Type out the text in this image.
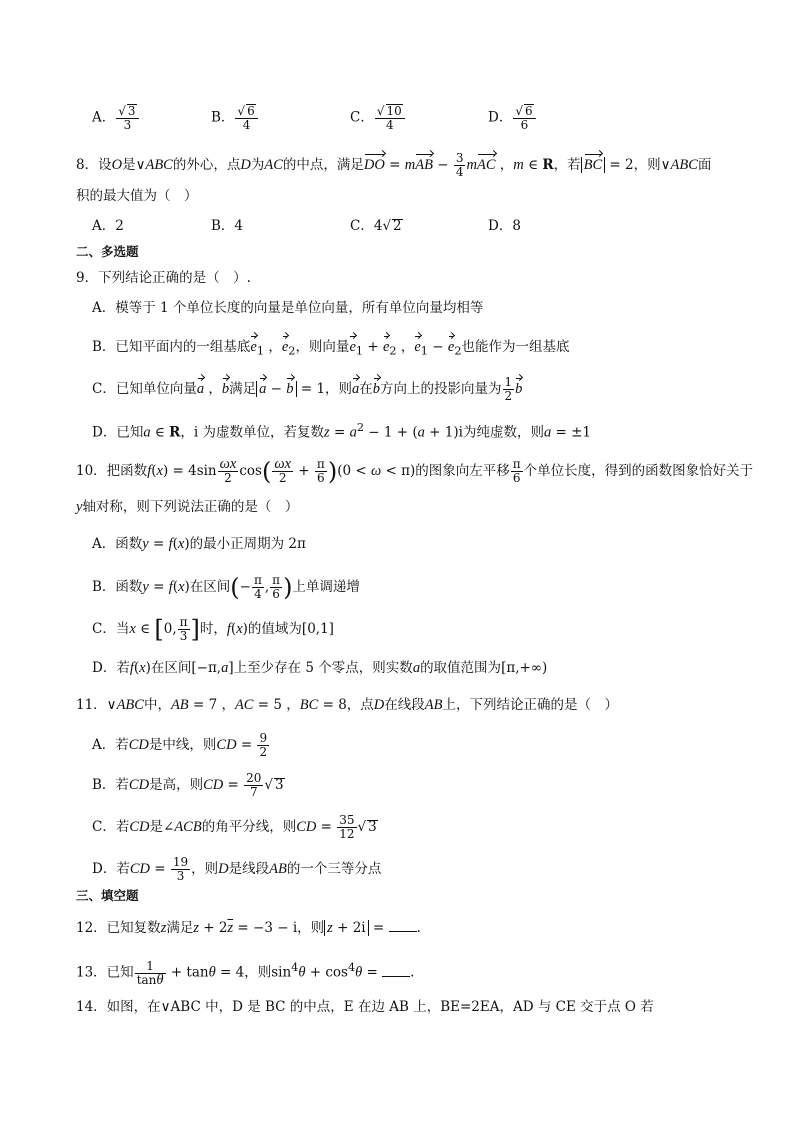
A． √ $\frac{3}{3}$	B． √ $\frac{6}{4}$	C． √ $\frac{10}{4}$	D． √ $\frac{6}{6}$
8．设O是∨ABC的外心，点D为AC的中点，满足DO = mAB − $\frac{3}{4}$ mAC ，m ∈ R，若 BC = 2，则∨ABC面
积的最大值为（　）
A．2	B．4	C．4 √ 2	D．8
二、多选题
9．下列结论正确的是（　）.
A．模等于 1 个单位长度的向量是单位向量，所有单位向量均相等
B．已知平面内的一组基底$e_1$ ，$e_2$，则向量$e_1 + e_2$ ，$e_1 - e_2$也能作为一组基底
C．已知单位向量a ，b满足 a − b = 1，则a在b方向上的投影向量为 $\frac{1}{2}$ b
D．已知a ∈ R，i 为虚数单位，若复数$z = a^2 - 1 + (a + 1)i$为纯虚数，则a = ±1
10．把函数$f(x) = 4\sin \frac{\omega x}{2} \cos( \frac{\omega x}{2} + \frac{\pi}{6} )(0 < \omega < \pi)$的图象向左平移 $\frac{\pi}{6}$ 个单位长度，得到的函数图象恰好关于
y轴对称，则下列说法正确的是（　）
A．函数y = f(x)的最小正周期为 2π
B．函数y = f(x)在区间(− $\frac{\pi}{4}$ , $\frac{\pi}{6}$ )上单调递增
C．当x ∈ [0, $\frac{\pi}{3}$ ]时，f(x)的值域为[0,1]
D．若f(x)在区间[−π,a]上至少存在 5 个零点，则实数a的取值范围为[π,+∞)
11．∨ABC中，AB = 7 ，AC = 5 ，BC = 8，点D在线段AB上，下列结论正确的是（　）
A．若CD是中线，则CD = $\frac{9}{2}$
B．若CD是高，则CD = $\frac{20}{7}$ √ 3
C．若CD是∠ACB的角平分线，则CD = $\frac{35}{12}$ √ 3
D．若CD = $\frac{19}{3}$ ，则D是线段AB的一个三等分点
三、填空题
12．已知复数z满足$z + 2\overline{z} = -3 - i$，则 z + 2i = .
13．已知 $\frac{1}{\tan\theta} + \tan\theta = 4$，则$\sin^4\theta + \cos^4\theta$ = .
14．如图，在∨ABC 中，D 是 BC 的中点，E 在边 AB 上，BE=2EA，AD 与 CE 交于点 O 若
